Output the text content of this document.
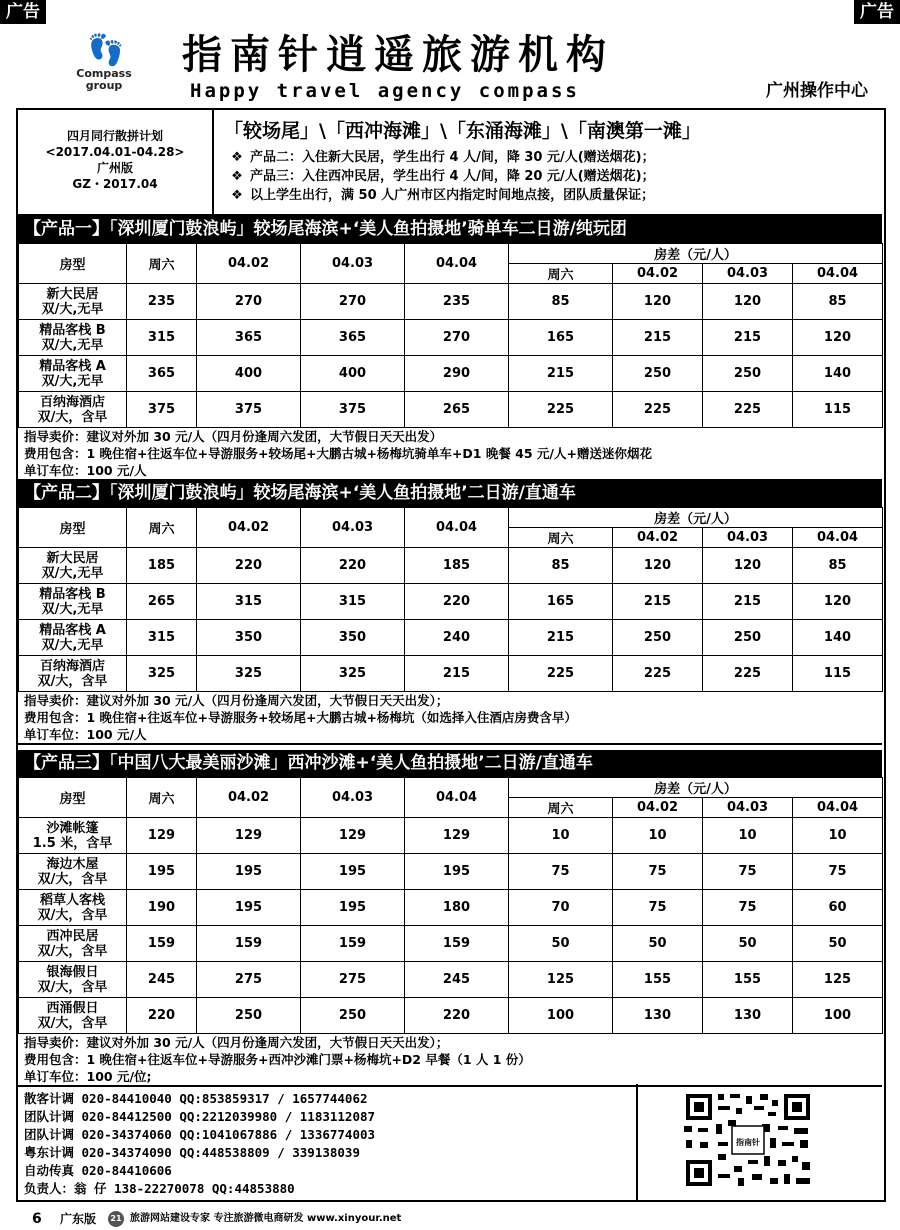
广告	广告
👣
Compass
group
指南针逍遥旅游机构
Happy travel agency compass	广州操作中心
四月同行散拼计划
<2017.04.01-04.28>
广州版
GZ・2017.04
「较场尾」\「西冲海滩」\「东涌海滩」\「南澳第一滩」
❖ 产品二：入住新大民居，学生出行 4 人/间，降 30 元/人(赠送烟花)；
❖ 产品三：入住西冲民居，学生出行 4 人/间，降 20 元/人(赠送烟花)；
❖ 以上学生出行，满 50 人广州市区内指定时间地点接，团队质量保证；
【产品一】「深圳厦门鼓浪屿」较场尾海滨+‘美人鱼拍摄地’骑单车二日游/纯玩团
房型	周六	04.02	04.03	04.04	房差（元/人）			
					周六	04.02	04.03	04.04

新大民居
双/大,无早	235	270	270	235	85	120	120	85

精品客栈 B
双/大,无早	315	365	365	270	165	215	215	120

精品客栈 A
双/大,无早	365	400	400	290	215	250	250	140

百纳海酒店
双/大，含早	375	375	375	265	225	225	225	115
指导卖价：建议对外加 30 元/人（四月份逢周六发团，大节假日天天出发）
费用包含：1 晚住宿+往返车位+导游服务+较场尾+大鹏古城+杨梅坑骑单车+D1 晚餐 45 元/人+赠送迷你烟花
单订车位：100 元/人
【产品二】「深圳厦门鼓浪屿」较场尾海滨+‘美人鱼拍摄地’二日游/直通车
房型	周六	04.02	04.03	04.04	房差（元/人）			
					周六	04.02	04.03	04.04

新大民居
双/大,无早	185	220	220	185	85	120	120	85

精品客栈 B
双/大,无早	265	315	315	220	165	215	215	120

精品客栈 A
双/大,无早	315	350	350	240	215	250	250	140

百纳海酒店
双/大，含早	325	325	325	215	225	225	225	115
指导卖价：建议对外加 30 元/人（四月份逢周六发团，大节假日天天出发）；
费用包含：1 晚住宿+往返车位+导游服务+较场尾+大鹏古城+杨梅坑（如选择入住酒店房费含早）
单订车位：100 元/人
【产品三】「中国八大最美丽沙滩」西冲沙滩+‘美人鱼拍摄地’二日游/直通车
房型	周六	04.02	04.03	04.04	房差（元/人）			
					周六	04.02	04.03	04.04

沙滩帐篷
1.5 米，含早	129	129	129	129	10	10	10	10

海边木屋
双/大，含早	195	195	195	195	75	75	75	75

稻草人客栈
双/大，含早	190	195	195	180	70	75	75	60

西冲民居
双/大，含早	159	159	159	159	50	50	50	50

银海假日
双/大，含早	245	275	275	245	125	155	155	125

西涌假日
双/大，含早	220	250	250	220	100	130	130	100
指导卖价：建议对外加 30 元/人（四月份逢周六发团，大节假日天天出发）；
费用包含：1 晚住宿+往返车位+导游服务+西冲沙滩门票+杨梅坑+D2 早餐（1 人 1 份）
单订车位：100 元/位;
散客计调 020-84410040 QQ:853859317 / 1657744062
团队计调 020-84412500 QQ:2212039980 / 1183112087
团队计调 020-34374060 QQ:1041067886 / 1336774003
粤东计调 020-34374090 QQ:448538809 / 339138039
自动传真 020-84410606
负责人：翁 仔 138-22270078 QQ:44853880
指南针
6 广东版	21 旅游网站建设专家 专注旅游微电商研发 www.xinyour.net
